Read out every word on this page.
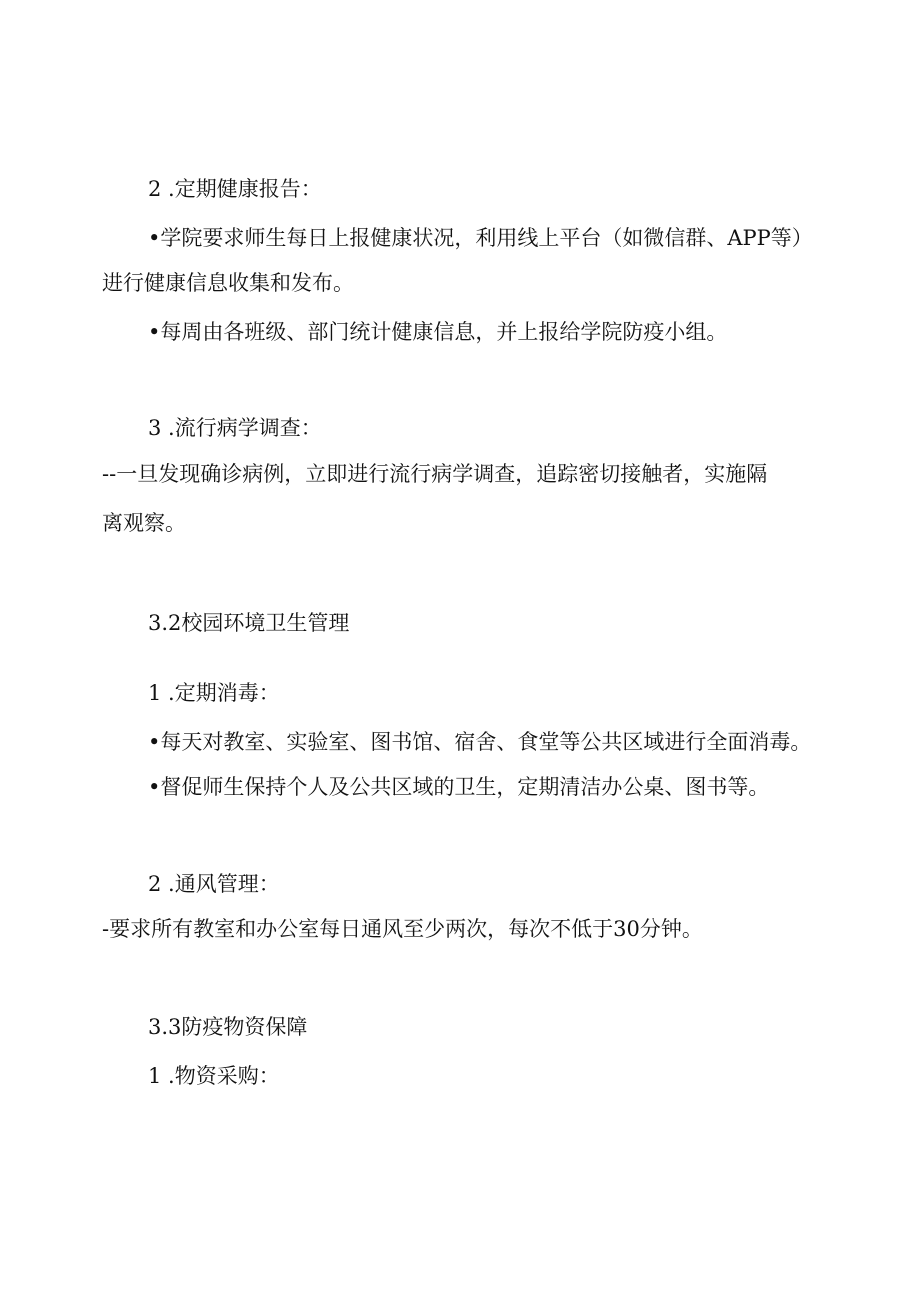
2 .定期健康报告：
•学院要求师生每日上报健康状况，利用线上平台（如微信群、APP等）
进行健康信息收集和发布。
•每周由各班级、部门统计健康信息，并上报给学院防疫小组。
3 .流行病学调查：
--一旦发现确诊病例，立即进行流行病学调查，追踪密切接触者，实施隔
离观察。
3.2校园环境卫生管理
1 .定期消毒：
•每天对教室、实验室、图书馆、宿舍、食堂等公共区域进行全面消毒。
•督促师生保持个人及公共区域的卫生，定期清洁办公桌、图书等。
2 .通风管理：
-要求所有教室和办公室每日通风至少两次，每次不低于30分钟。
3.3防疫物资保障
1 .物资采购：
